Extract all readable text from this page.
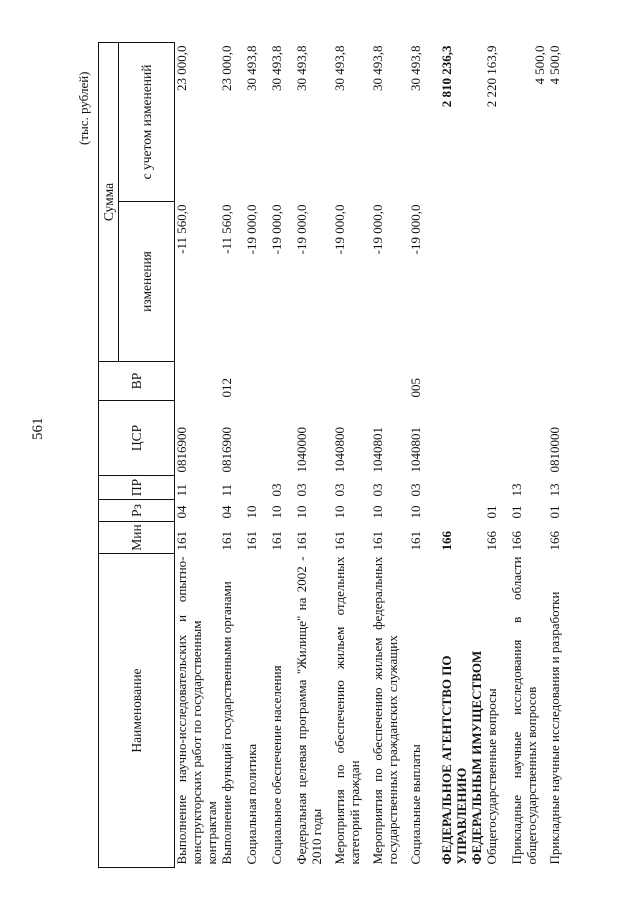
561
(тыс. рублей)
Наименование	Мин	Рз	ПР	ЦСР	ВР	Сумма	
						изменения	с учетом изменений

Выполнение научно-исследовательских и опытно- конструкторских работ по государственным контрактам	161	04	11	0816900		-11 560,0	23 000,0

Выполнение функций государственными органами	161	04	11	0816900	012	-11 560,0	23 000,0

Социальная политика	161	10				-19 000,0	30 493,8

Социальное обеспечение населения	161	10	03			-19 000,0	30 493,8

Федеральная целевая программа "Жилище" на 2002 - 2010 годы	161	10	03	1040000		-19 000,0	30 493,8

Мероприятия по обеспечению жильем отдельных категорий граждан	161	10	03	1040800		-19 000,0	30 493,8

Мероприятия по обеспечению жильем федеральных государственных гражданских служащих	161	10	03	1040801		-19 000,0	30 493,8

Социальные выплаты	161	10	03	1040801	005	-19 000,0	30 493,8

ФЕДЕРАЛЬНОЕ АГЕНТСТВО ПО УПРАВЛЕНИЮ ФЕДЕРАЛЬНЫМ ИМУЩЕСТВОМ	166						2 810 236,3

Общегосударственные вопросы	166	01					2 220 163,9

Прикладные научные исследования в области общегосударственных вопросов	166	01	13				4 500,0

Прикладные научные исследования и разработки	166	01	13	0810000			4 500,0
